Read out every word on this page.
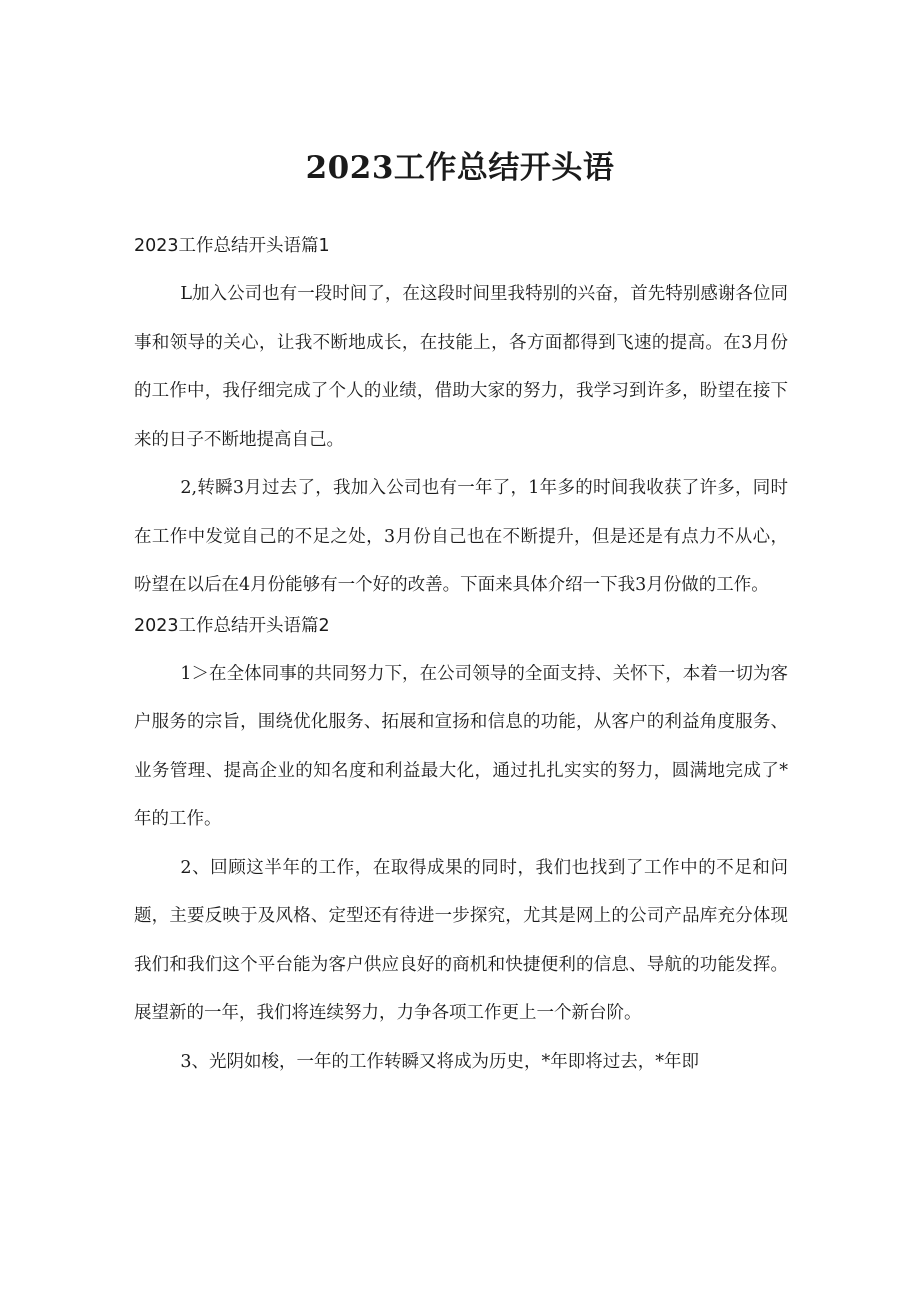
2023工作总结开头语
2023工作总结开头语篇1

L加入公司也有一段时间了，在这段时间里我特别的兴奋，首先特别感谢各位同事和领导的关心，让我不断地成长，在技能上，各方面都得到飞速的提高。在3月份的工作中，我仔细完成了个人的业绩，借助大家的努力，我学习到许多，盼望在接下来的日子不断地提高自己。

2,转瞬3月过去了，我加入公司也有一年了，1年多的时间我收获了许多，同时在工作中发觉自己的不足之处，3月份自己也在不断提升，但是还是有点力不从心，吩望在以后在4月份能够有一个好的改善。下面来具体介绍一下我3月份做的工作。

2023工作总结开头语篇2

1＞在全体同事的共同努力下，在公司领导的全面支持、关怀下，本着一切为客户服务的宗旨，围绕优化服务、拓展和宣扬和信息的功能，从客户的利益角度服务、业务管理、提高企业的知名度和利益最大化，通过扎扎实实的努力，圆满地完成了*年的工作。

2、回顾这半年的工作，在取得成果的同时，我们也找到了工作中的不足和问题，主要反映于及风格、定型还有待进一步探究，尤其是网上的公司产品库充分体现我们和我们这个平台能为客户供应良好的商机和快捷便利的信息、导航的功能发挥。展望新的一年，我们将连续努力，力争各项工作更上一个新台阶。

3、光阴如梭，一年的工作转瞬又将成为历史，*年即将过去，*年即
